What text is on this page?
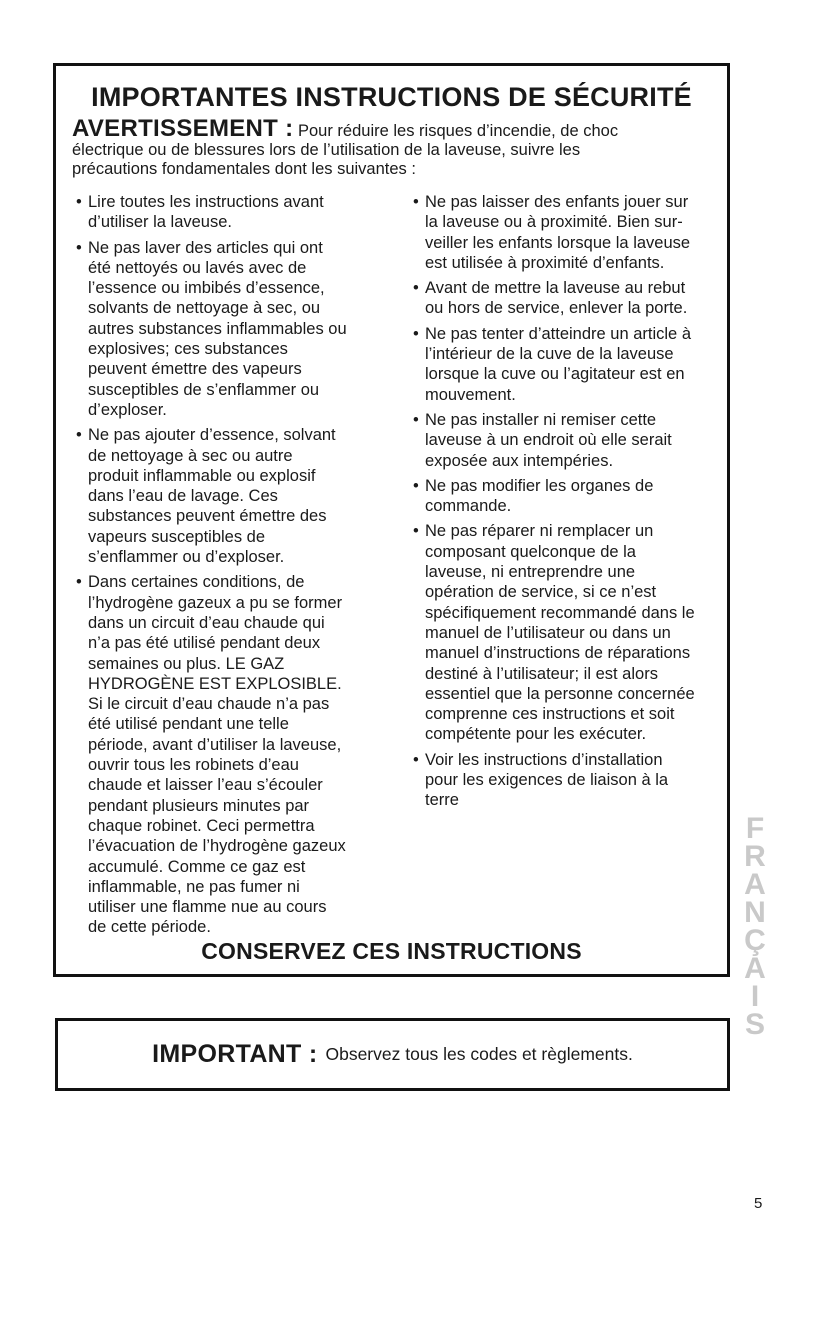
IMPORTANTES INSTRUCTIONS DE SÉCURITÉ
AVERTISSEMENT : Pour réduire les risques d’incendie, de choc
électrique ou de blessures lors de l’utilisation de la laveuse, suivre les
précautions fondamentales dont les suivantes :
• Lire toutes les instructions avant
d’utiliser la laveuse.
• Ne pas laver des articles qui ont
été nettoyés ou lavés avec de
l’essence ou imbibés d’essence,
solvants de nettoyage à sec, ou
autres substances inflammables ou
explosives; ces substances
peuvent émettre des vapeurs
susceptibles de s’enflammer ou
d’exploser.
• Ne pas ajouter d’essence, solvant
de nettoyage à sec ou autre
produit inflammable ou explosif
dans l’eau de lavage. Ces
substances peuvent émettre des
vapeurs susceptibles de
s’enflammer ou d’exploser.
• Dans certaines conditions, de
l’hydrogène gazeux a pu se former
dans un circuit d’eau chaude qui
n’a pas été utilisé pendant deux
semaines ou plus. LE GAZ
HYDROGÈNE EST EXPLOSIBLE.
Si le circuit d’eau chaude n’a pas
été utilisé pendant une telle
période, avant d’utiliser la laveuse,
ouvrir tous les robinets d’eau
chaude et laisser l’eau s’écouler
pendant plusieurs minutes par
chaque robinet. Ceci permettra
l’évacuation de l’hydrogène gazeux
accumulé. Comme ce gaz est
inflammable, ne pas fumer ni
utiliser une flamme nue au cours
de cette période.
• Ne pas laisser des enfants jouer sur
la laveuse ou à proximité. Bien sur-
veiller les enfants lorsque la laveuse
est utilisée à proximité d’enfants.
• Avant de mettre la laveuse au rebut
ou hors de service, enlever la porte.
• Ne pas tenter d’atteindre un article à
l’intérieur de la cuve de la laveuse
lorsque la cuve ou l’agitateur est en
mouvement.
• Ne pas installer ni remiser cette
laveuse à un endroit où elle serait
exposée aux intempéries.
• Ne pas modifier les organes de
commande.
• Ne pas réparer ni remplacer un
composant quelconque de la
laveuse, ni entreprendre une
opération de service, si ce n’est
spécifiquement recommandé dans le
manuel de l’utilisateur ou dans un
manuel d’instructions de réparations
destiné à l’utilisateur; il est alors
essentiel que la personne concernée
comprenne ces instructions et soit
compétente pour les exécuter.
• Voir les instructions d’installation
pour les exigences de liaison à la
terre
CONSERVEZ CES INSTRUCTIONS
IMPORTANT : Observez tous les codes et règlements.
F
R
A
N
Ç
A
I
S
5
